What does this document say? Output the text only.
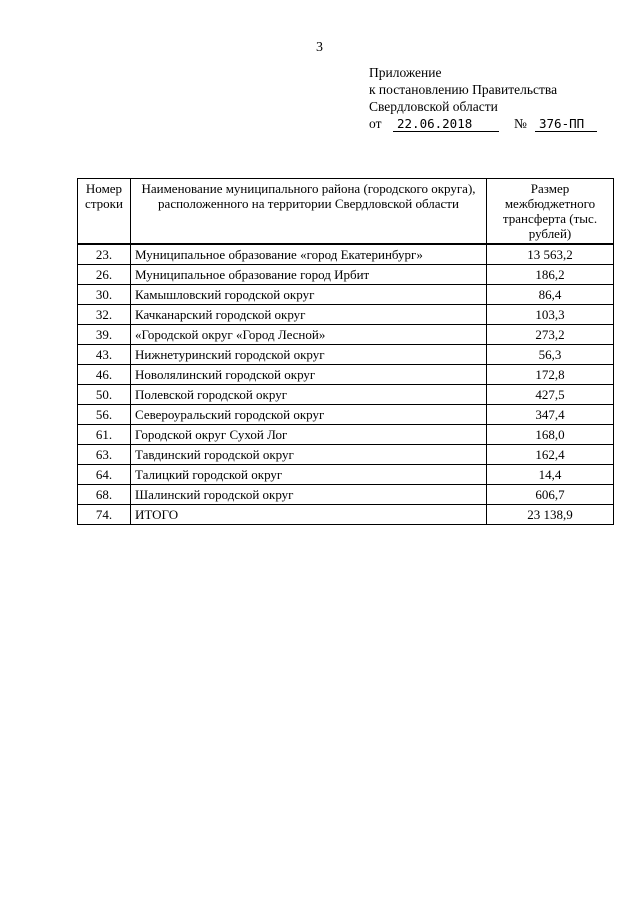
3
Приложение
к постановлению Правительства
Свердловской области
от	22.06.2018	№ 376-ПП
Номер строки	Наименование муниципального района (городского округа), расположенного на территории Свердловской области	Размер межбюджетного трансферта (тыс. рублей)
23.	Муниципальное образование «город Екатеринбург»	13 563,2
26.	Муниципальное образование город Ирбит	186,2
30.	Камышловский городской округ	86,4
32.	Качканарский городской округ	103,3
39.	«Городской округ «Город Лесной»	273,2
43.	Нижнетуринский городской округ	56,3
46.	Новолялинский городской округ	172,8
50.	Полевской городской округ	427,5
56.	Североуральский городской округ	347,4
61.	Городской округ Сухой Лог	168,0
63.	Тавдинский городской округ	162,4
64.	Талицкий городской округ	14,4
68.	Шалинский городской округ	606,7
74.	ИТОГО	23 138,9
